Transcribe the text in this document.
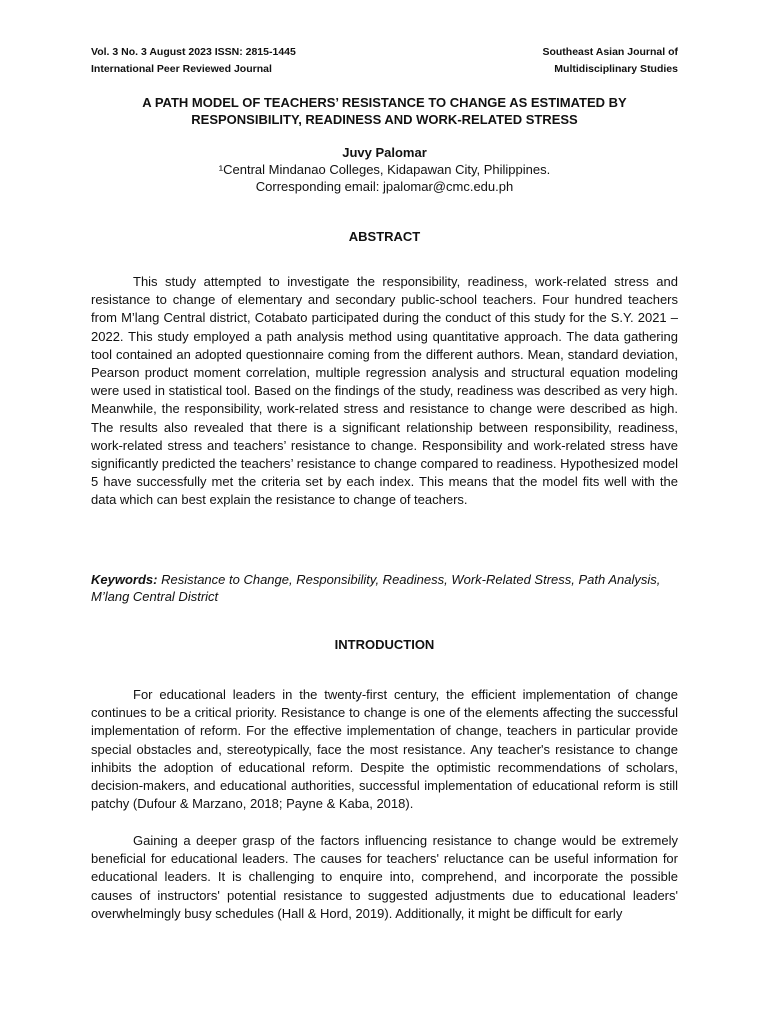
Vol. 3 No. 3 August 2023 ISSN: 2815-1445
International Peer Reviewed Journal
Southeast Asian Journal of
Multidisciplinary Studies
A PATH MODEL OF TEACHERS’ RESISTANCE TO CHANGE AS ESTIMATED BY
RESPONSIBILITY, READINESS AND WORK-RELATED STRESS
Juvy Palomar
¹Central Mindanao Colleges, Kidapawan City, Philippines.
Corresponding email: jpalomar@cmc.edu.ph
ABSTRACT

This study attempted to investigate the responsibility, readiness, work-related stress and resistance to change of elementary and secondary public-school teachers. Four hundred teachers from M’lang Central district, Cotabato participated during the conduct of this study for the S.Y. 2021 – 2022. This study employed a path analysis method using quantitative approach. The data gathering tool contained an adopted questionnaire coming from the different authors. Mean, standard deviation, Pearson product moment correlation, multiple regression analysis and structural equation modeling were used in statistical tool. Based on the findings of the study, readiness was described as very high. Meanwhile, the responsibility, work-related stress and resistance to change were described as high. The results also revealed that there is a significant relationship between responsibility, readiness, work-related stress and teachers’ resistance to change. Responsibility and work-related stress have significantly predicted the teachers’ resistance to change compared to readiness. Hypothesized model 5 have successfully met the criteria set by each index. This means that the model fits well with the data which can best explain the resistance to change of teachers.

Keywords: Resistance to Change, Responsibility, Readiness, Work-Related Stress, Path Analysis, M’lang Central District
INTRODUCTION

For educational leaders in the twenty-first century, the efficient implementation of change continues to be a critical priority. Resistance to change is one of the elements affecting the successful implementation of reform. For the effective implementation of change, teachers in particular provide special obstacles and, stereotypically, face the most resistance. Any teacher's resistance to change inhibits the adoption of educational reform. Despite the optimistic recommendations of scholars, decision-makers, and educational authorities, successful implementation of educational reform is still patchy (Dufour & Marzano, 2018; Payne & Kaba, 2018).

Gaining a deeper grasp of the factors influencing resistance to change would be extremely beneficial for educational leaders. The causes for teachers' reluctance can be useful information for educational leaders. It is challenging to enquire into, comprehend, and incorporate the possible causes of instructors' potential resistance to suggested adjustments due to educational leaders' overwhelmingly busy schedules (Hall & Hord, 2019). Additionally, it might be difficult for early
